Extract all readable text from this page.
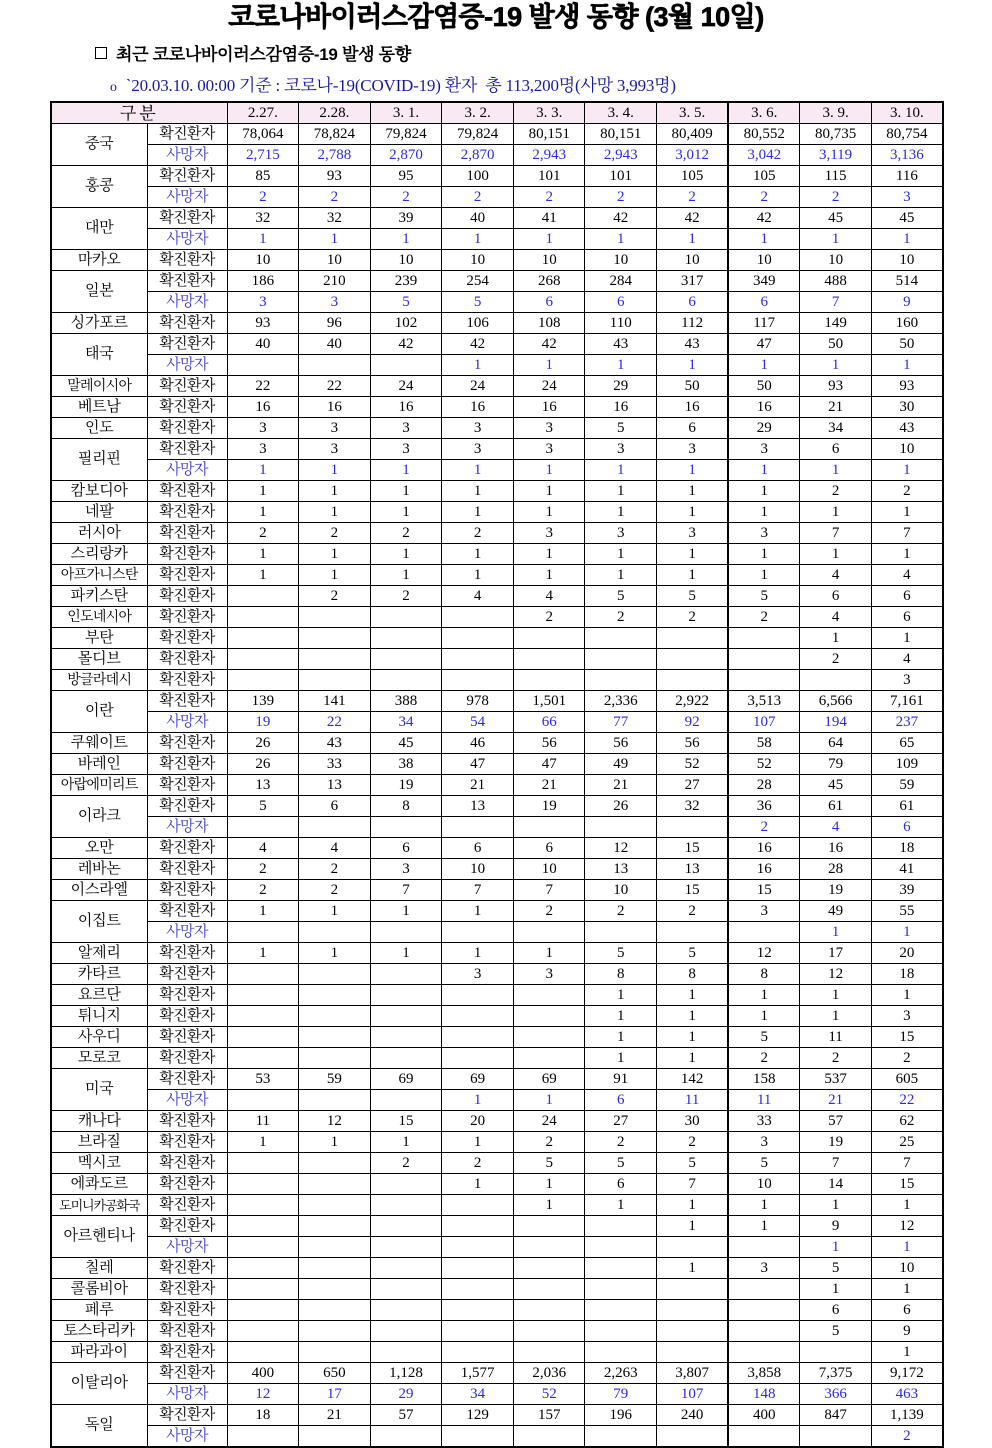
코로나바이러스감염증-19 발생 동향 (3월 10일)
최근 코로나바이러스감염증-19 발생 동향
o `20.03.10. 00:00 기준 : 코로나-19(COVID-19) 환자  총 113,200명(사망 3,993명)
구분		2.27.	2.28.	3. 1.	3. 2.	3. 3.	3. 4.	3. 5.	3. 6.	3. 9.	3. 10.
중국	확진환자	78,064	78,824	79,824	79,824	80,151	80,151	80,409	80,552	80,735	80,754
	사망자	2,715	2,788	2,870	2,870	2,943	2,943	3,012	3,042	3,119	3,136
홍콩	확진환자	85	93	95	100	101	101	105	105	115	116
	사망자	2	2	2	2	2	2	2	2	2	3
대만	확진환자	32	32	39	40	41	42	42	42	45	45
	사망자	1	1	1	1	1	1	1	1	1	1
마카오	확진환자	10	10	10	10	10	10	10	10	10	10
일본	확진환자	186	210	239	254	268	284	317	349	488	514
	사망자	3	3	5	5	6	6	6	6	7	9
싱가포르	확진환자	93	96	102	106	108	110	112	117	149	160
태국	확진환자	40	40	42	42	42	43	43	47	50	50
	사망자				1	1	1	1	1	1	1
말레이시아	확진환자	22	22	24	24	24	29	50	50	93	93
베트남	확진환자	16	16	16	16	16	16	16	16	21	30
인도	확진환자	3	3	3	3	3	5	6	29	34	43
필리핀	확진환자	3	3	3	3	3	3	3	3	6	10
	사망자	1	1	1	1	1	1	1	1	1	1
캄보디아	확진환자	1	1	1	1	1	1	1	1	2	2
네팔	확진환자	1	1	1	1	1	1	1	1	1	1
러시아	확진환자	2	2	2	2	3	3	3	3	7	7
스리랑카	확진환자	1	1	1	1	1	1	1	1	1	1
아프가니스탄	확진환자	1	1	1	1	1	1	1	1	4	4
파키스탄	확진환자		2	2	4	4	5	5	5	6	6
인도네시아	확진환자					2	2	2	2	4	6
부탄	확진환자									1	1
몰디브	확진환자									2	4
방글라데시	확진환자										3
이란	확진환자	139	141	388	978	1,501	2,336	2,922	3,513	6,566	7,161
	사망자	19	22	34	54	66	77	92	107	194	237
쿠웨이트	확진환자	26	43	45	46	56	56	56	58	64	65
바레인	확진환자	26	33	38	47	47	49	52	52	79	109
아랍에미리트	확진환자	13	13	19	21	21	21	27	28	45	59
이라크	확진환자	5	6	8	13	19	26	32	36	61	61
	사망자								2	4	6
오만	확진환자	4	4	6	6	6	12	15	16	16	18
레바논	확진환자	2	2	3	10	10	13	13	16	28	41
이스라엘	확진환자	2	2	7	7	7	10	15	15	19	39
이집트	확진환자	1	1	1	1	2	2	2	3	49	55
	사망자									1	1
알제리	확진환자	1	1	1	1	1	5	5	12	17	20
카타르	확진환자				3	3	8	8	8	12	18
요르단	확진환자						1	1	1	1	1
튀니지	확진환자						1	1	1	1	3
사우디	확진환자						1	1	5	11	15
모로코	확진환자						1	1	2	2	2
미국	확진환자	53	59	69	69	69	91	142	158	537	605
	사망자				1	1	6	11	11	21	22
캐나다	확진환자	11	12	15	20	24	27	30	33	57	62
브라질	확진환자	1	1	1	1	2	2	2	3	19	25
멕시코	확진환자			2	2	5	5	5	5	7	7
에콰도르	확진환자				1	1	6	7	10	14	15
도미니카공화국	확진환자					1	1	1	1	1	1
아르헨티나	확진환자							1	1	9	12
	사망자									1	1
칠레	확진환자							1	3	5	10
콜롬비아	확진환자									1	1
페루	확진환자									6	6
토스타리카	확진환자									5	9
파라과이	확진환자										1
이탈리아	확진환자	400	650	1,128	1,577	2,036	2,263	3,807	3,858	7,375	9,172
	사망자	12	17	29	34	52	79	107	148	366	463
독일	확진환자	18	21	57	129	157	196	240	400	847	1,139
	사망자										2
